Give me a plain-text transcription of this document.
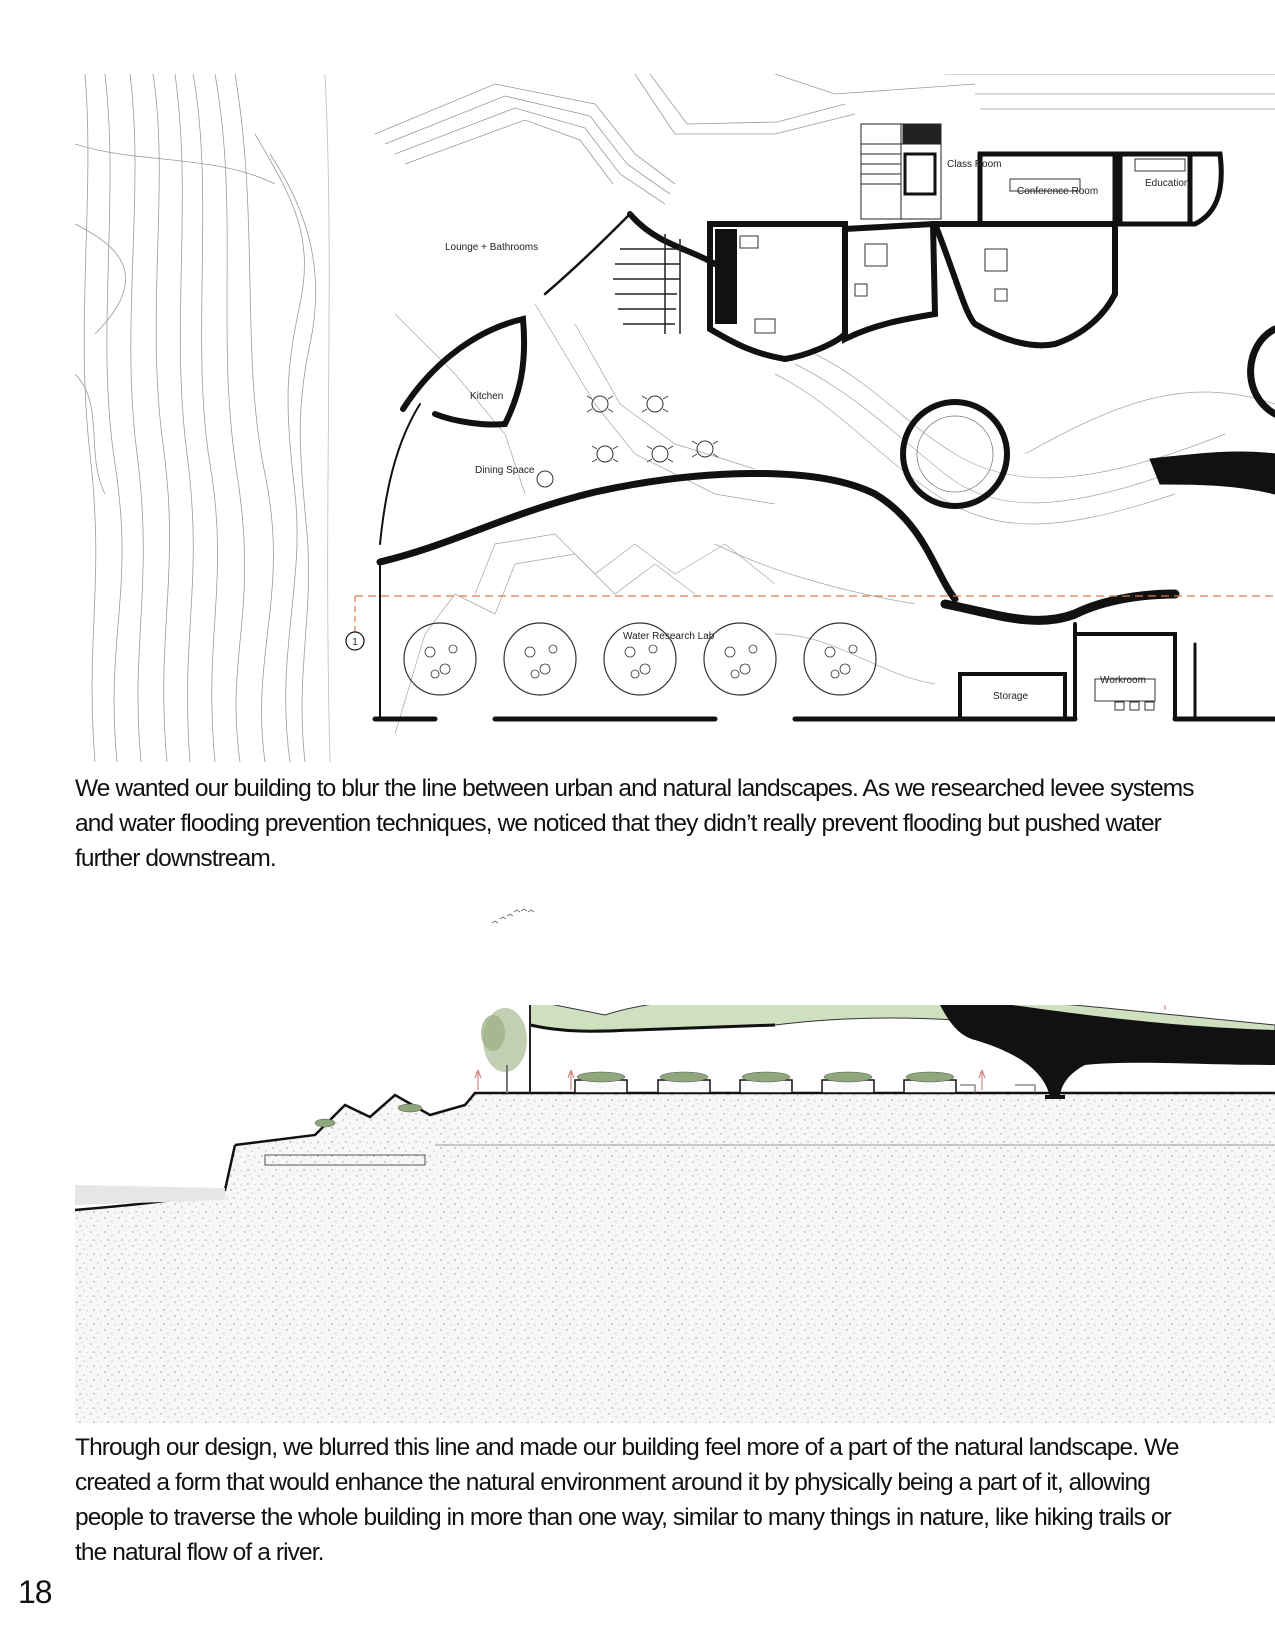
1
Lounge + Bathrooms
Kitchen
Dining Space
Water Research Lab
Class Room
Conference Room
Education
Storage
Workroom

We wanted our building to blur the line between urban and natural landscapes. As we researched levee systems and water flooding prevention techniques, we noticed that they didn’t really prevent flooding but pushed water further downstream.

Through our design, we blurred this line and made our building feel more of a part of the natural landscape. We created a form that would enhance the natural environment around it by physically being a part of it, allowing people to traverse the whole building in more than one way, similar to many things in nature, like hiking trails or the natural flow of a river.

18
